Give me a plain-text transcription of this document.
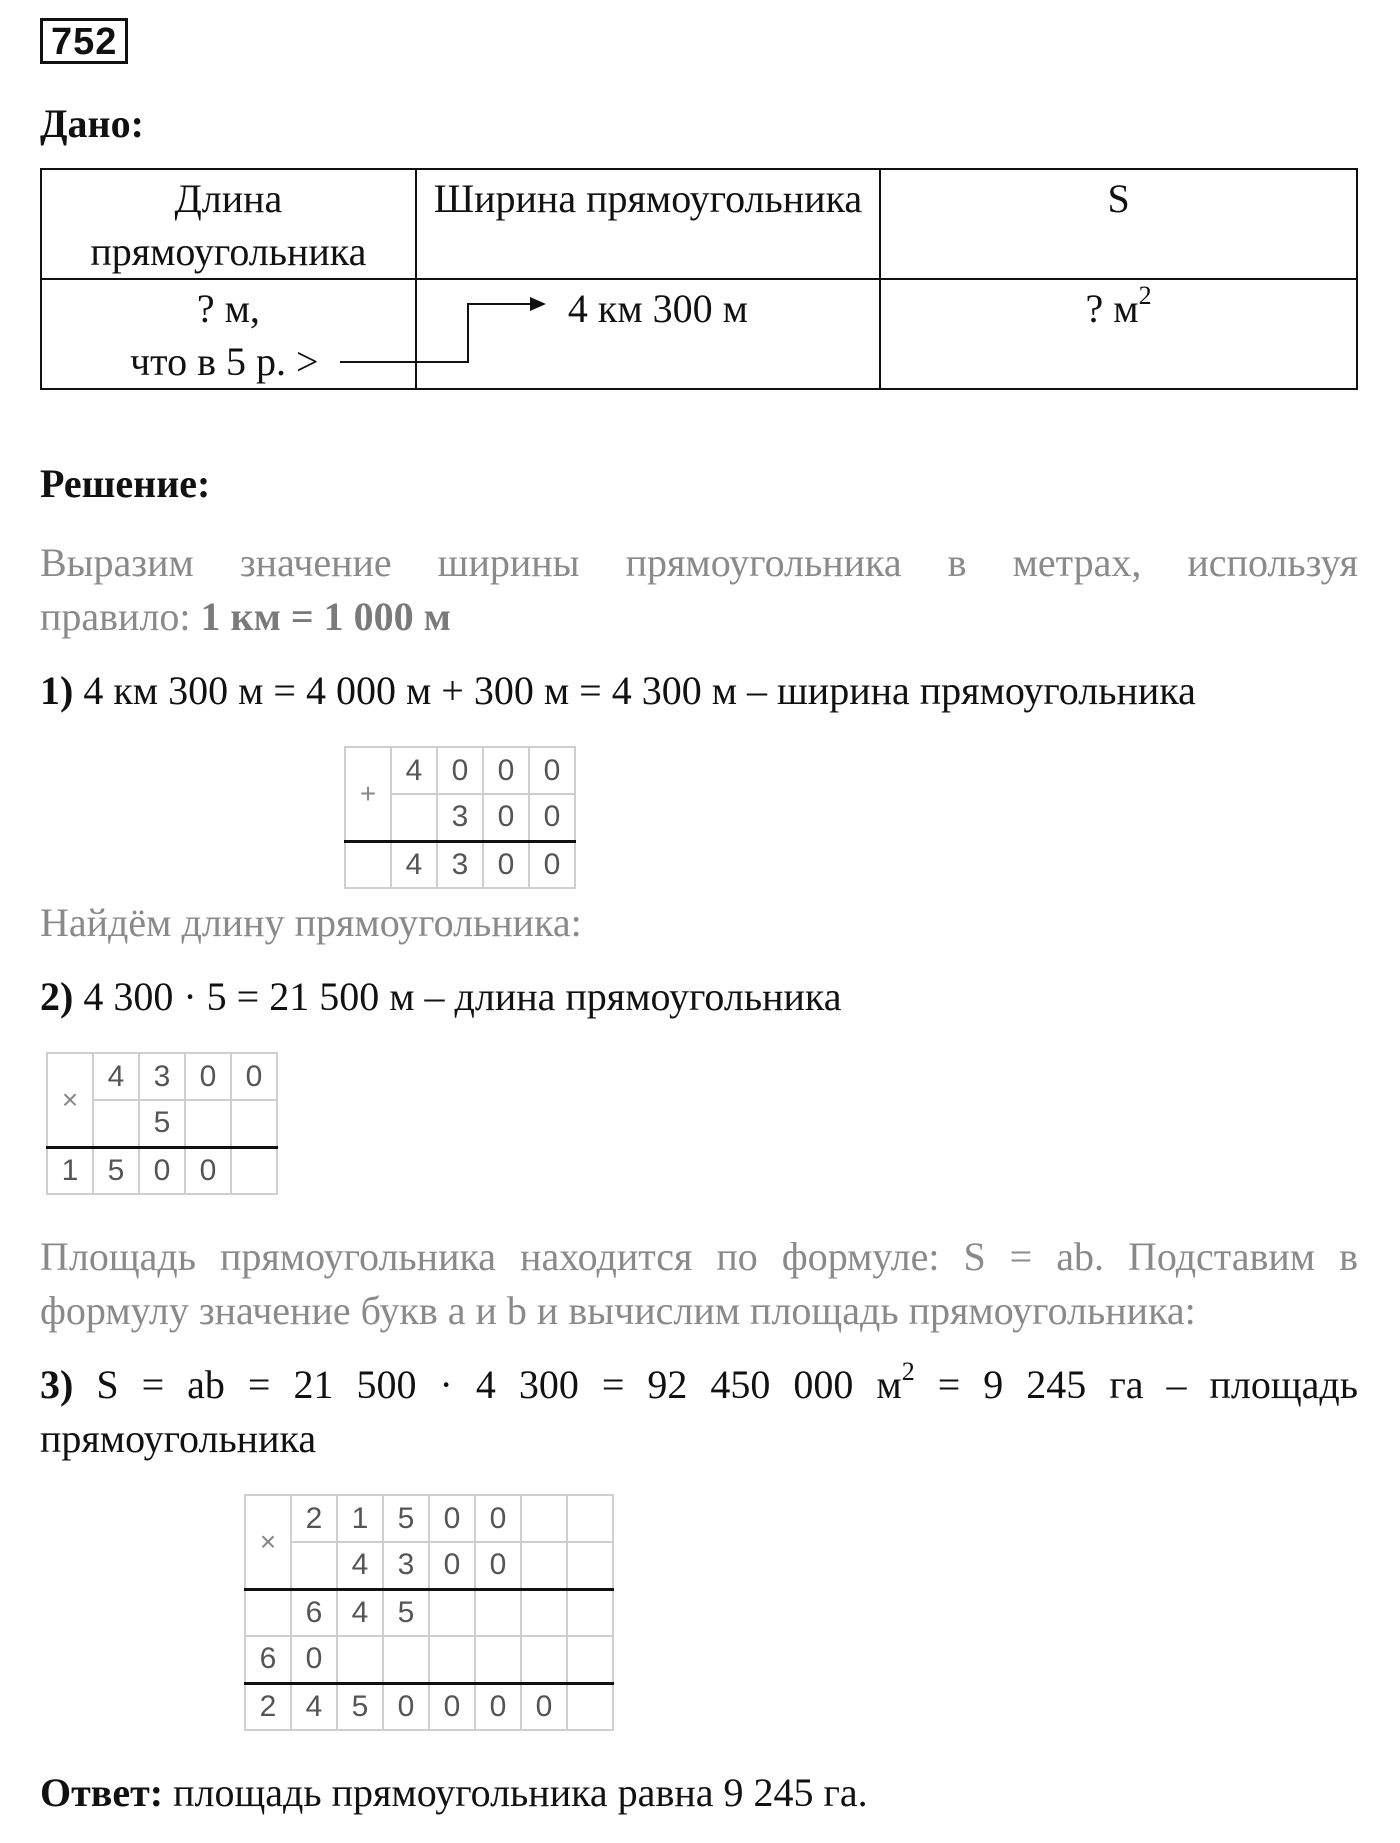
752
Дано:
Длина прямоугольника	Ширина прямоугольника	S

? м,
что в 5 р. >	4 км 300 м	? $м^2$
Решение:
Выразим значение ширины прямоугольника в метрах, используя
правило: 1 км = 1 000 м
1) 4 км 300 м = 4 000 м + 300 м = 4 300 м – ширина прямоугольника
+	4	0	0	0
		3	0	0
	4	3	0	0
Найдём длину прямоугольника:
2) 4 300 · 5 = 21 500 м – длина прямоугольника
×	4	3	0	0
		5		
1	5	0	0	
Площадь прямоугольника находится по формуле: S = ab. Подставим в
формулу значение букв a и b и вычислим площадь прямоугольника:
3) S = ab = 21 500 · 4 300 = 92 450 000 $м^2 = 9$ 245 га – площадь
прямоугольника
×	2	1	5	0	0		
		4	3	0	0		
	6	4	5				
6	0						
2	4	5	0	0	0	0	
Ответ: площадь прямоугольника равна 9 245 га.
